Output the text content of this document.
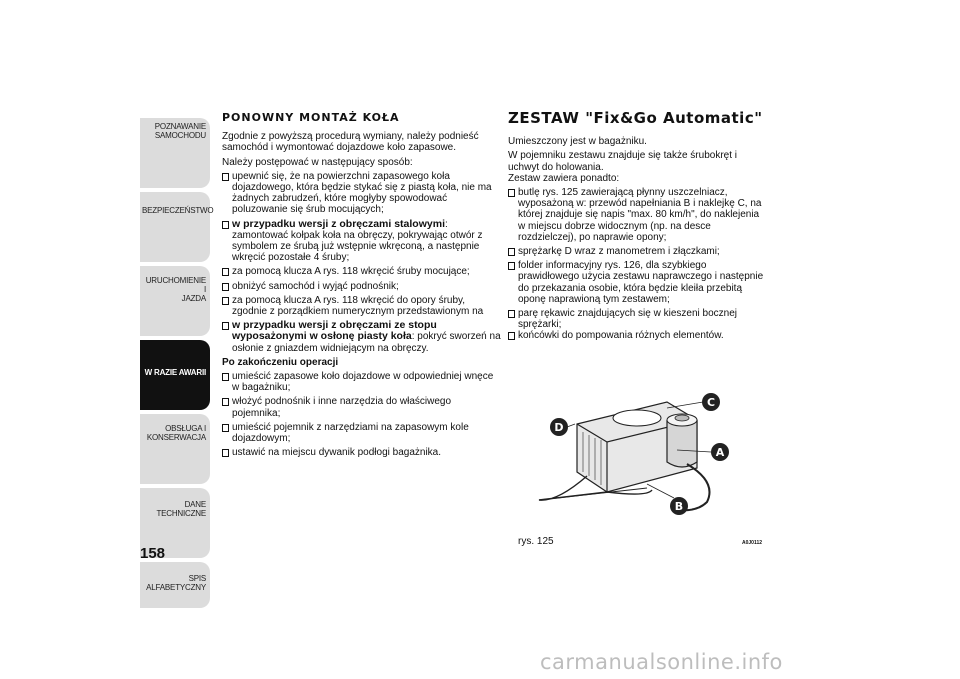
POZNAWANIE
SAMOCHODU
BEZPIECZEŃSTWO
URUCHOMIENIE I
JAZDA
W RAZIE AWARII
OBSŁUGA I
KONSERWACJA
DANE TECHNICZNE
SPIS ALFABETYCZNY
158
PONOWNY MONTAŻ KOŁA

Zgodnie z powyższą procedurą wymiany, należy podnieść samochód i wymontować dojazdowe koło zapasowe.

Należy postępować w następujący sposób:

upewnić się, że na powierzchni zapasowego koła dojazdowego, która będzie stykać się z piastą koła, nie ma żadnych zabrudzeń, które mogłyby spowodować poluzowanie się śrub mocujących;
w przypadku wersji z obręczami stalowymi:
zamontować kołpak koła na obręczy, pokrywając otwór z symbolem ze śrubą już wstępnie wkręconą, a następnie wkręcić pozostałe 4 śruby;
za pomocą klucza A rys. 118 wkręcić śruby mocujące;
obniżyć samochód i wyjąć podnośnik;
za pomocą klucza A rys. 118 wkręcić do opory śruby, zgodnie z porządkiem numerycznym przedstawionym na
w przypadku wersji z obręczami ze stopu wyposażonymi w osłonę piasty koła: pokryć sworzeń na osłonie z gniazdem widniejącym na obręczy.
Po zakończeniu operacji
umieścić zapasowe koło dojazdowe w odpowiedniej wnęce w bagażniku;
włożyć podnośnik i inne narzędzia do właściwego pojemnika;
umieścić pojemnik z narzędziami na zapasowym kole dojazdowym;
ustawić na miejscu dywanik podłogi bagażnika.
ZESTAW "Fix&Go Automatic"

Umieszczony jest w bagażniku.

W pojemniku zestawu znajduje się także śrubokręt i uchwyt do holowania.

Zestaw zawiera ponadto:

butlę rys. 125 zawierającą płynny uszczelniacz, wyposażoną w: przewód napełniania B i naklejkę C, na której znajduje się napis "max. 80 km/h", do naklejenia w miejscu dobrze widocznym (np. na desce rozdzielczej), po naprawie opony;
sprężarkę D wraz z manometrem i złączkami;
folder informacyjny rys. 126, dla szybkiego prawidłowego użycia zestawu naprawczego i następnie do przekazania osobie, która będzie kleiła przebitą oponę naprawioną tym zestawem;
parę rękawic znajdujących się w kieszeni bocznej sprężarki;
końcówki do pompowania różnych elementów.
C
D
A
B
rys. 125	A0J0112
carmanualsonline.info
